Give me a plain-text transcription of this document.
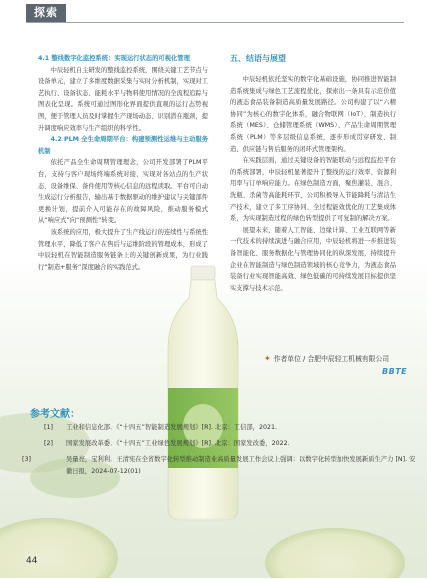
探索

4.1 整线数字化监控系统：实现运行状态的可视化管理

中辰轻机自主研发的整线监控系统，围绕关键工艺节点与设备单元，建立了多维度数据采集与实时分析机制，实现对工艺执行、设备状态、能耗水平与物料使用情况的全流程追踪与图表化呈现。系统可通过图形化界面提供直观的运行态势视图，便于管理人员及时掌握生产现场动态、识别潜在瓶颈，提升调度响应效率与生产组织的科学性。

4.2 PLM 全生命周期平台：构建预测性运维与主动服务机制

依托产品全生命周期管理理念，公司开发部署了PLM平台，支持与客户现场终端系统对接，实现对各站点的生产状态、设备维保、备件使用等核心信息的远程读取。平台可自动生成运行分析报告，输出基于数据驱动的维护建议与关键部件更换计划，提前介入可能存在的故障风险，推动服务模式从“响应式”向“预测性”转变。

该系统的应用，极大提升了生产线运行的连续性与系统性管理水平，降低了客户在售后与运维阶段的管理成本，形成了中辰轻机在智能制造服务链条上的关键创新成果，为行业践行“制造+服务”深度融合的实践范式。

五、结语与展望

中辰轻机依托坚实的数字化基础设施，协同推进智能制造系统集成与绿色工艺流程优化，探索出一条具有示范价值的液态食品装备制造高质量发展路径。公司构建了以“六精协同”为核心的数字化体系，融合物联网（IoT）、制造执行系统（MES）、仓储管理系统（WMS）、产品生命周期管理系统（PLM）等多层级信息系统，逐步形成贯穿研发、制造、供应链与售后服务的闭环式管理架构。

在实践层面，通过关键设备的智能联动与远程监控平台的系统部署，中辰轻机显著提升了整线的运行效率、资源利用率与订单响应能力。在绿色制造方面，聚焦灌装、混合、洗瓶、杀菌等高能耗环节，公司积极导入节能降耗与清洁生产技术，建立了多工序协同、全过程能效优化的工艺集成体系，为实现制造过程的绿色转型提供了可复制的解决方案。

展望未来，随着人工智能、边缘计算、工业互联网等新一代技术的持续演进与融合应用，中辰轻机将进一步推进装备智能化、服务数据化与管理协同化的纵深发展，持续提升企业在智能制造与绿色制造领域的核心竞争力，为液态食品装备行业实现智能高效、绿色低碳的可持续发展目标提供坚实支撑与技术示范。

✦ 作者单位 / 合肥中辰轻工机械有限公司
BBTE
参考文献：
[1] 工业和信息化部．《“十四五”智能制造发展规划》[R]. 北京：工信部，2021.
[2] 国家发展改革委．《“十四五”工业绿色发展规划》[R]. 北京：国家发改委，2022.
[3]	吴量亮，宝利利．王清宪在全省数字化转型推动制造业高质量发展工作会议上强调：以数字化转型加快发展新质生产力 [N]. 安徽日报，2024-07-12(01)
44
